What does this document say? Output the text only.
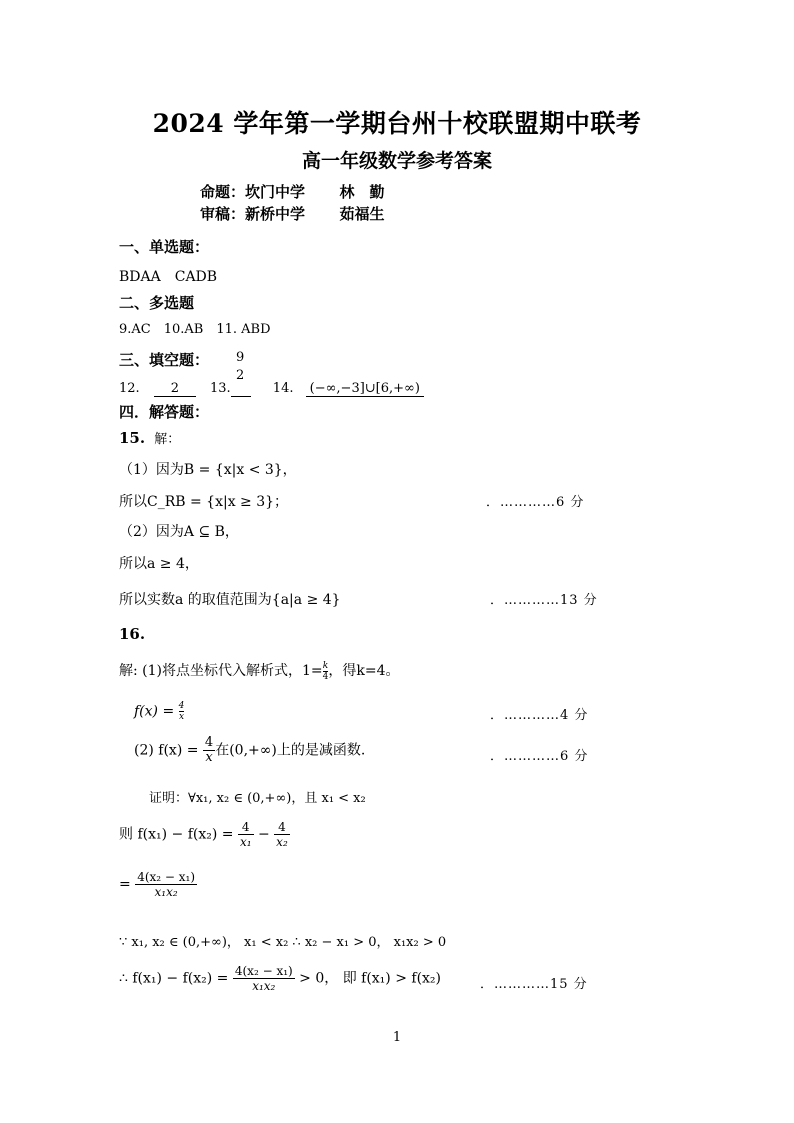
2024 学年第一学期台州十校联盟期中联考
高一年级数学参考答案
命题：坎门中学 林　勤
审稿：新桥中学 茹福生
一、单选题：
BDAA　CADB
二、多选题
9.AC　10.AB　11. ABD
三、填空题： 9
2
12. 2 13.	14. (−∞,−3]∪[6,+∞)
四．解答题：
15. 解：
（1）因为B = {x|x < 3}，
所以C_RB = {x|x ≥ 3}；	．…………6 分
（2）因为A ⊆ B，
所以a ≥ 4，
所以实数a 的取值范围为{a|a ≥ 4}	．…………13 分
16.
解: (1)将点坐标代入解析式，$1= \frac{k}{4}$ ，得k=4。
$f(x) = \frac{4}{x}$	．…………4 分
(2) $f(x) = \frac{4}{x}$ 在(0,+∞)上的是减函数.	．…………6 分
证明：∀x₁, x₂ ∈ (0,+∞)，且 x₁ < x₂
则 $f(x_1) - f(x_2) = \frac{4}{\text{x₁}} - \frac{4}{\text{x₂}}$
= $\frac{\text{4(x₂ − x₁)}}{\text{x₁x₂}}$
∵ x₁, x₂ ∈ (0,+∞)， x₁ < x₂ ∴ x₂ − x₁ > 0， x₁x₂ > 0
∴ $f(x_1) - f(x_2) = \frac{\text{4(x₂ − x₁)}}{\text{x₁x₂}} > 0$， 即 f(x₁) > f(x₂)	．…………15 分
1
